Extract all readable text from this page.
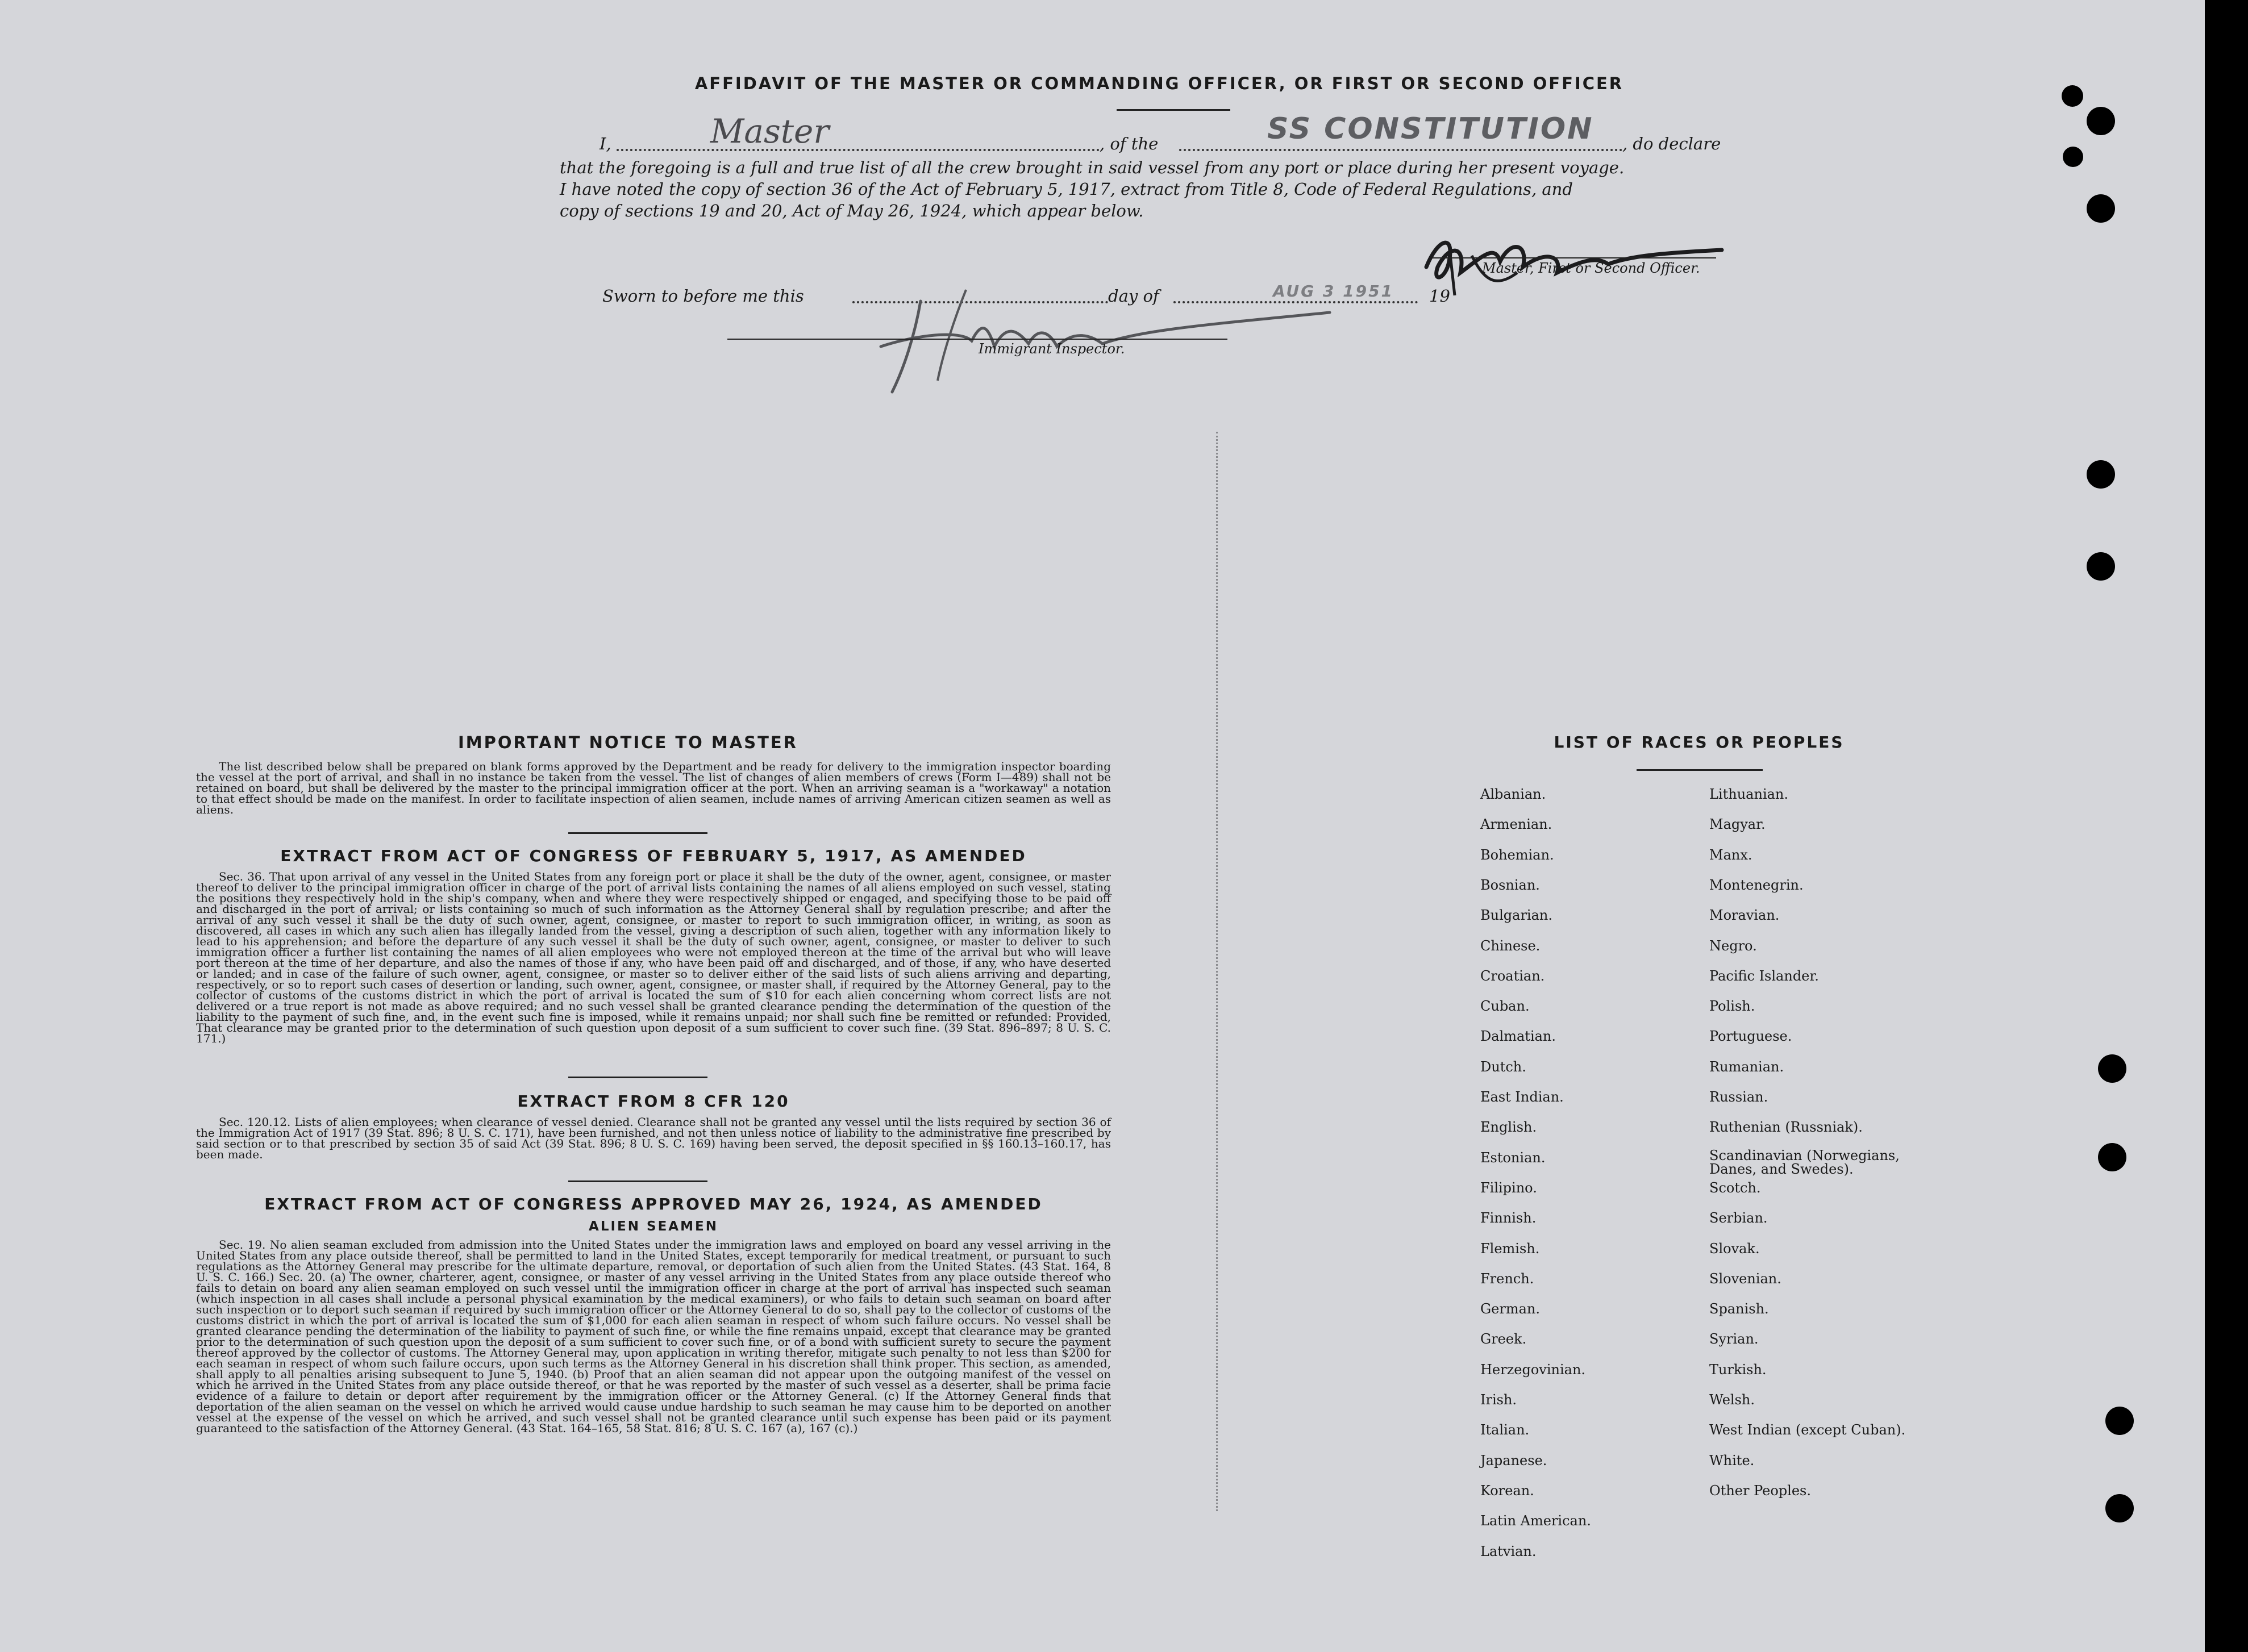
AFFIDAVIT OF THE MASTER OR COMMANDING OFFICER, OR FIRST OR SECOND OFFICER
I,	Master	, of the	SS CONSTITUTION , do declare
that the foregoing is a full and true list of all the crew brought in said vessel from any port or place during her present voyage.
I have noted the copy of section 36 of the Act of February 5, 1917, extract from Title 8, Code of Federal Regulations, and
copy of sections 19 and 20, Act of May 26, 1924, which appear below.
Master, First or Second Officer.
Sworn to before me this	day of	AUG 3 1951 19
Immigrant Inspector.
IMPORTANT NOTICE TO MASTER
The list described below shall be prepared on blank forms approved by the Department and be ready for delivery to the immigration inspector boarding the vessel at the port of arrival, and shall in no instance be taken from the vessel. The list of changes of alien members of crews (Form I—489) shall not be retained on board, but shall be delivered by the master to the principal immigration officer at the port. When an arriving seaman is a "workaway" a notation to that effect should be made on the manifest. In order to facilitate inspection of alien seamen, include names of arriving American citizen seamen as well as aliens.
EXTRACT FROM ACT OF CONGRESS OF FEBRUARY 5, 1917, AS AMENDED
Sec. 36. That upon arrival of any vessel in the United States from any foreign port or place it shall be the duty of the owner, agent, consignee, or master thereof to deliver to the principal immigration officer in charge of the port of arrival lists containing the names of all aliens employed on such vessel, stating the positions they respectively hold in the ship's company, when and where they were respectively shipped or engaged, and specifying those to be paid off and discharged in the port of arrival; or lists containing so much of such information as the Attorney General shall by regulation prescribe; and after the arrival of any such vessel it shall be the duty of such owner, agent, consignee, or master to report to such immigration officer, in writing, as soon as discovered, all cases in which any such alien has illegally landed from the vessel, giving a description of such alien, together with any information likely to lead to his apprehension; and before the departure of any such vessel it shall be the duty of such owner, agent, consignee, or master to deliver to such immigration officer a further list containing the names of all alien employees who were not employed thereon at the time of the arrival but who will leave port thereon at the time of her departure, and also the names of those if any, who have been paid off and discharged, and of those, if any, who have deserted or landed; and in case of the failure of such owner, agent, consignee, or master so to deliver either of the said lists of such aliens arriving and departing, respectively, or so to report such cases of desertion or landing, such owner, agent, consignee, or master shall, if required by the Attorney General, pay to the collector of customs of the customs district in which the port of arrival is located the sum of $10 for each alien concerning whom correct lists are not delivered or a true report is not made as above required; and no such vessel shall be granted clearance pending the determination of the question of the liability to the payment of such fine, and, in the event such fine is imposed, while it remains unpaid; nor shall such fine be remitted or refunded: Provided, That clearance may be granted prior to the determination of such question upon deposit of a sum sufficient to cover such fine. (39 Stat. 896–897; 8 U. S. C. 171.)
EXTRACT FROM 8 CFR 120
Sec. 120.12. Lists of alien employees; when clearance of vessel denied. Clearance shall not be granted any vessel until the lists required by section 36 of the Immigration Act of 1917 (39 Stat. 896; 8 U. S. C. 171), have been furnished, and not then unless notice of liability to the administrative fine prescribed by said section or to that prescribed by section 35 of said Act (39 Stat. 896; 8 U. S. C. 169) having been served, the deposit specified in §§ 160.13–160.17, has been made.
EXTRACT FROM ACT OF CONGRESS APPROVED MAY 26, 1924, AS AMENDED
ALIEN SEAMEN
Sec. 19. No alien seaman excluded from admission into the United States under the immigration laws and employed on board any vessel arriving in the United States from any place outside thereof, shall be permitted to land in the United States, except temporarily for medical treatment, or pursuant to such regulations as the Attorney General may prescribe for the ultimate departure, removal, or deportation of such alien from the United States. (43 Stat. 164, 8 U. S. C. 166.) Sec. 20. (a) The owner, charterer, agent, consignee, or master of any vessel arriving in the United States from any place outside thereof who fails to detain on board any alien seaman employed on such vessel until the immigration officer in charge at the port of arrival has inspected such seaman (which inspection in all cases shall include a personal physical examination by the medical examiners), or who fails to detain such seaman on board after such inspection or to deport such seaman if required by such immigration officer or the Attorney General to do so, shall pay to the collector of customs of the customs district in which the port of arrival is located the sum of $1,000 for each alien seaman in respect of whom such failure occurs. No vessel shall be granted clearance pending the determination of the liability to payment of such fine, or while the fine remains unpaid, except that clearance may be granted prior to the determination of such question upon the deposit of a sum sufficient to cover such fine, or of a bond with sufficient surety to secure the payment thereof approved by the collector of customs. The Attorney General may, upon application in writing therefor, mitigate such penalty to not less than $200 for each seaman in respect of whom such failure occurs, upon such terms as the Attorney General in his discretion shall think proper. This section, as amended, shall apply to all penalties arising subsequent to June 5, 1940. (b) Proof that an alien seaman did not appear upon the outgoing manifest of the vessel on which he arrived in the United States from any place outside thereof, or that he was reported by the master of such vessel as a deserter, shall be prima facie evidence of a failure to detain or deport after requirement by the immigration officer or the Attorney General. (c) If the Attorney General finds that deportation of the alien seaman on the vessel on which he arrived would cause undue hardship to such seaman he may cause him to be deported on another vessel at the expense of the vessel on which he arrived, and such vessel shall not be granted clearance until such expense has been paid or its payment guaranteed to the satisfaction of the Attorney General. (43 Stat. 164–165, 58 Stat. 816; 8 U. S. C. 167 (a), 167 (c).)
LIST OF RACES OR PEOPLES
Albanian.
Armenian.
Bohemian.
Bosnian.
Bulgarian.
Chinese.
Croatian.
Cuban.
Dalmatian.
Dutch.
East Indian.
English.
Estonian.
Filipino.
Finnish.
Flemish.
French.
German.
Greek.
Herzegovinian.
Irish.
Italian.
Japanese.
Korean.
Latin American.
Latvian.
Lithuanian.
Magyar.
Manx.
Montenegrin.
Moravian.
Negro.
Pacific Islander.
Polish.
Portuguese.
Rumanian.
Russian.
Ruthenian (Russniak).
Scandinavian (Norwegians, Danes, and Swedes).
Scotch.
Serbian.
Slovak.
Slovenian.
Spanish.
Syrian.
Turkish.
Welsh.
West Indian (except Cuban).
White.
Other Peoples.
